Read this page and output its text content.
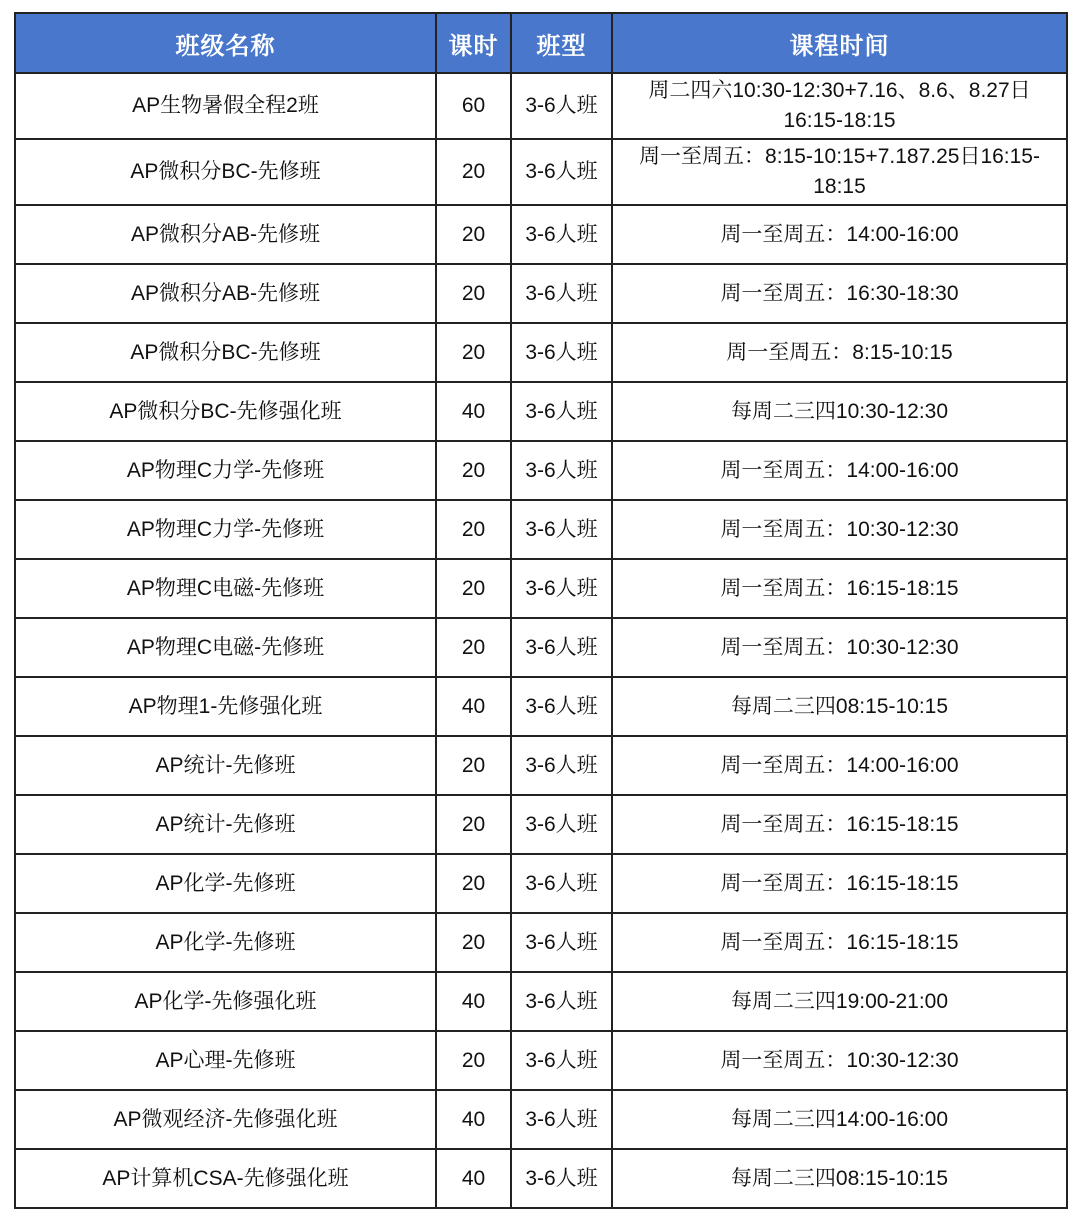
班级名称	课时	班型	课程时间
AP生物暑假全程2班	60	3-6人班	周二四六10:30-12:30+7.16、8.6、8.27日16:15-18:15
AP微积分BC-先修班	20	3-6人班	周一至周五：8:15-10:15+7.187.25日16:15-18:15
AP微积分AB-先修班	20	3-6人班	周一至周五：14:00-16:00
AP微积分AB-先修班	20	3-6人班	周一至周五：16:30-18:30
AP微积分BC-先修班	20	3-6人班	周一至周五：8:15-10:15
AP微积分BC-先修强化班	40	3-6人班	每周二三四10:30-12:30
AP物理C力学-先修班	20	3-6人班	周一至周五：14:00-16:00
AP物理C力学-先修班	20	3-6人班	周一至周五：10:30-12:30
AP物理C电磁-先修班	20	3-6人班	周一至周五：16:15-18:15
AP物理C电磁-先修班	20	3-6人班	周一至周五：10:30-12:30
AP物理1-先修强化班	40	3-6人班	每周二三四08:15-10:15
AP统计-先修班	20	3-6人班	周一至周五：14:00-16:00
AP统计-先修班	20	3-6人班	周一至周五：16:15-18:15
AP化学-先修班	20	3-6人班	周一至周五：16:15-18:15
AP化学-先修班	20	3-6人班	周一至周五：16:15-18:15
AP化学-先修强化班	40	3-6人班	每周二三四19:00-21:00
AP心理-先修班	20	3-6人班	周一至周五：10:30-12:30
AP微观经济-先修强化班	40	3-6人班	每周二三四14:00-16:00
AP计算机CSA-先修强化班	40	3-6人班	每周二三四08:15-10:15
